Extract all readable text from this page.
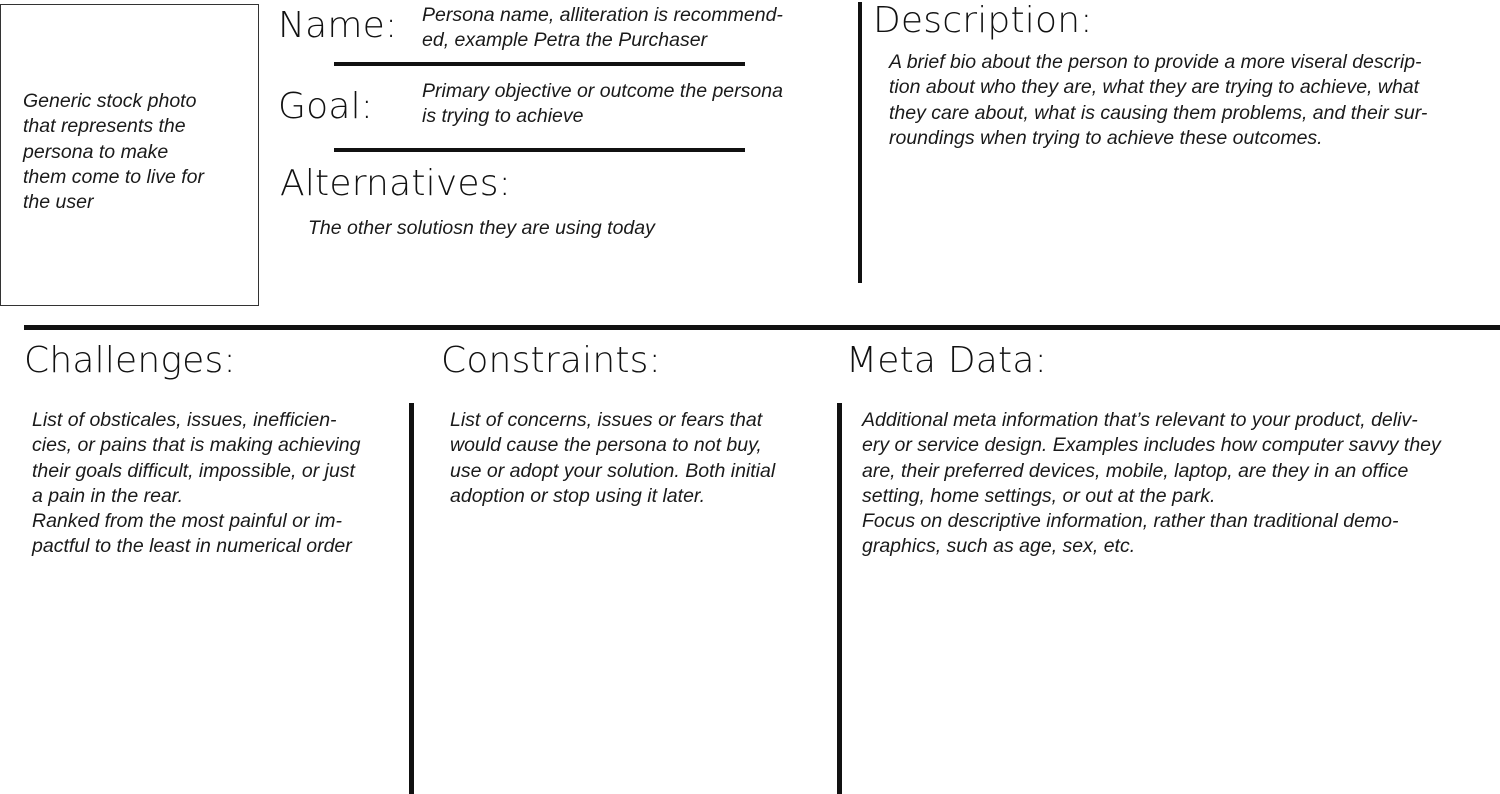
Generic stock photo
that represents the
persona to make
them come to live for
the user
Name: Persona name, alliteration is recommend-
ed, example Petra the Purchaser
Goal:	Primary objective or outcome the persona
is trying to achieve
Alternatives:
The other solutiosn they are using today
Description:
A brief bio about the person to provide a more viseral descrip-
tion about who they are, what they are trying to achieve, what
they care about, what is causing them problems, and their sur-
roundings when trying to achieve these outcomes.
Challenges:
List of obsticales, issues, inefficien-
cies, or pains that is making achieving
their goals difficult, impossible, or just
a pain in the rear.
Ranked from the most painful or im-
pactful to the least in numerical order
Constraints:
List of concerns, issues or fears that
would cause the persona to not buy,
use or adopt your solution. Both initial
adoption or stop using it later.
Meta Data:
Additional meta information that’s relevant to your product, deliv-
ery or service design. Examples includes how computer savvy they
are, their preferred devices, mobile, laptop, are they in an office
setting, home settings, or out at the park.
Focus on descriptive information, rather than traditional demo-
graphics, such as age, sex, etc.
